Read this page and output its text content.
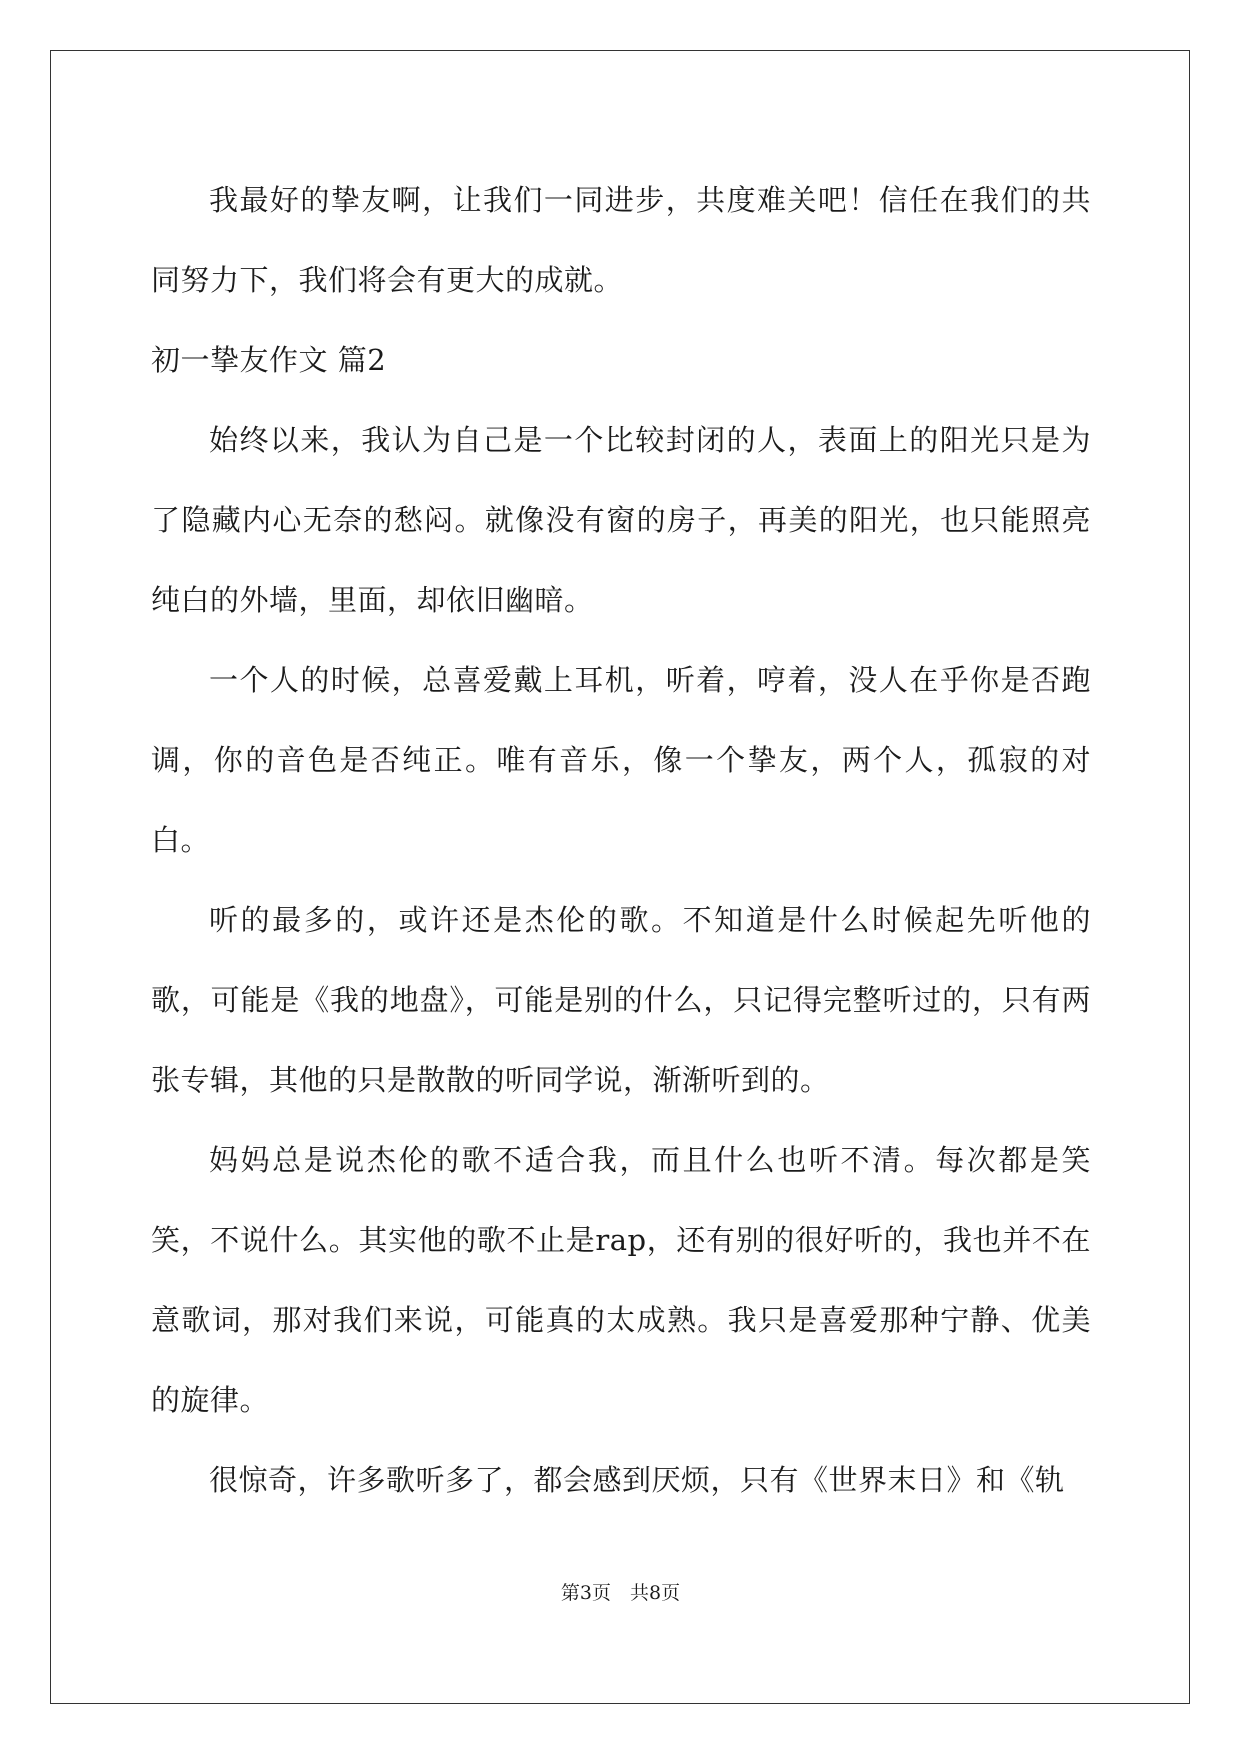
我最好的挚友啊，让我们一同进步，共度难关吧！信任在我们的共同努力下，我们将会有更大的成就。

初一挚友作文 篇2

始终以来，我认为自己是一个比较封闭的人，表面上的阳光只是为了隐藏内心无奈的愁闷。就像没有窗的房子，再美的阳光，也只能照亮纯白的外墙，里面，却依旧幽暗。

一个人的时候，总喜爱戴上耳机，听着，哼着，没人在乎你是否跑调，你的音色是否纯正。唯有音乐，像一个挚友，两个人，孤寂的对白。

听的最多的，或许还是杰伦的歌。不知道是什么时候起先听他的歌，可能是《我的地盘》，可能是别的什么，只记得完整听过的，只有两张专辑，其他的只是散散的听同学说，渐渐听到的。

妈妈总是说杰伦的歌不适合我，而且什么也听不清。每次都是笑笑，不说什么。其实他的歌不止是rap，还有别的很好听的，我也并不在意歌词，那对我们来说，可能真的太成熟。我只是喜爱那种宁静、优美的旋律。

很惊奇，许多歌听多了，都会感到厌烦，只有《世界末日》和《轨

第3页　共8页
